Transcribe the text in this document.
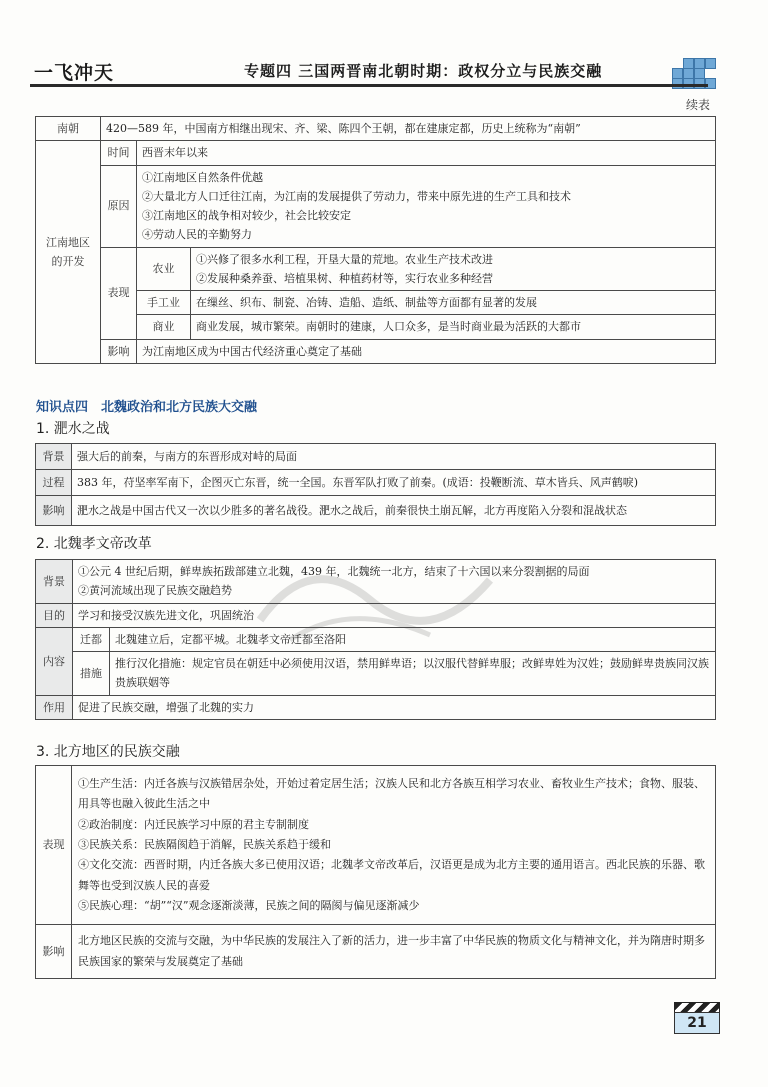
一飞冲天	专题四 三国两晋南北朝时期：政权分立与民族交融
续表
南朝	420—589 年，中国南方相继出现宋、齐、梁、陈四个王朝，都在建康定都，历史上统称为“南朝”		
江南地区的开发	时间	西晋末年以来	
	原因	①江南地区自然条件优越
②大量北方人口迁往江南，为江南的发展提供了劳动力，带来中原先进的生产工具和技术
③江南地区的战争相对较少，社会比较安定
④劳动人民的辛勤努力	

	表现	农业	①兴修了很多水利工程，开垦大量的荒地。农业生产技术改进
②发展种桑养蚕、培植果树、种植药材等，实行农业多种经营

		手工业	在缫丝、织布、制瓷、冶铸、造船、造纸、制盐等方面都有显著的发展
		商业	商业发展，城市繁荣。南朝时的建康，人口众多，是当时商业最为活跃的大都市
	影响	为江南地区成为中国古代经济重心奠定了基础	
知识点四　北魏政治和北方民族大交融
1. 淝水之战
背景	强大后的前秦，与南方的东晋形成对峙的局面
过程	383 年，苻坚率军南下，企图灭亡东晋，统一全国。东晋军队打败了前秦。(成语：投鞭断流、草木皆兵、风声鹤唳)
影响	淝水之战是中国古代又一次以少胜多的著名战役。淝水之战后，前秦很快土崩瓦解，北方再度陷入分裂和混战状态
2. 北魏孝文帝改革
背景	①公元 4 世纪后期，鲜卑族拓跋部建立北魏，439 年，北魏统一北方，结束了十六国以来分裂割据的局面
②黄河流域出现了民族交融趋势	

目的	学习和接受汉族先进文化，巩固统治	
内容	迁都	北魏建立后，定都平城。北魏孝文帝迁都至洛阳
	措施	推行汉化措施：规定官员在朝廷中必须使用汉语，禁用鲜卑语；以汉服代替鲜卑服；改鲜卑姓为汉姓；鼓励鲜卑贵族同汉族贵族联姻等
作用	促进了民族交融，增强了北魏的实力	
3. 北方地区的民族交融
表现	①生产生活：内迁各族与汉族错居杂处，开始过着定居生活；汉族人民和北方各族互相学习农业、畜牧业生产技术；食物、服装、用具等也融入彼此生活之中
②政治制度：内迁民族学习中原的君主专制制度
③民族关系：民族隔阂趋于消解，民族关系趋于缓和
④文化交流：西晋时期，内迁各族大多已使用汉语；北魏孝文帝改革后，汉语更是成为北方主要的通用语言。西北民族的乐器、歌舞等也受到汉族人民的喜爱
⑤民族心理：“胡”“汉”观念逐渐淡薄，民族之间的隔阂与偏见逐渐减少

影响	北方地区民族的交流与交融，为中华民族的发展注入了新的活力，进一步丰富了中华民族的物质文化与精神文化，并为隋唐时期多民族国家的繁荣与发展奠定了基础
21
